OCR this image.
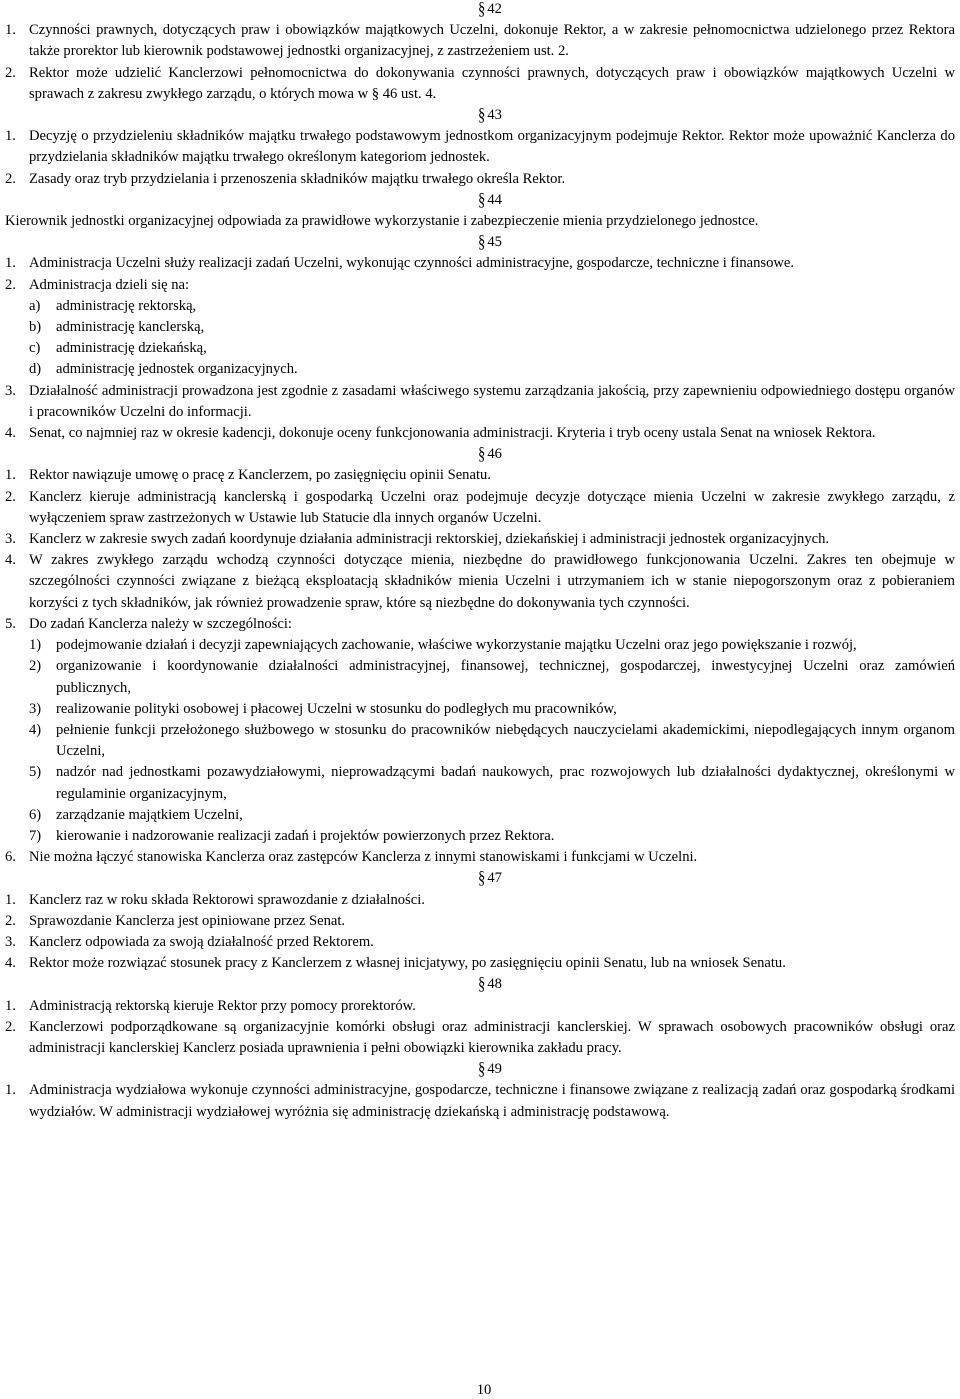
§ 42
1. Czynności prawnych, dotyczących praw i obowiązków majątkowych Uczelni, dokonuje Rektor, a w zakresie pełnomocnictwa udzielonego przez Rektora także prorektor lub kierownik podstawowej jednostki organizacyjnej, z zastrzeżeniem ust. 2.
2. Rektor może udzielić Kanclerzowi pełnomocnictwa do dokonywania czynności prawnych, dotyczących praw i obowiązków majątkowych Uczelni w sprawach z zakresu zwykłego zarządu, o których mowa w § 46 ust. 4.
§ 43
1. Decyzję o przydzieleniu składników majątku trwałego podstawowym jednostkom organizacyjnym podejmuje Rektor. Rektor może upoważnić Kanclerza do przydzielania składników majątku trwałego określonym kategoriom jednostek.
2. Zasady oraz tryb przydzielania i przenoszenia składników majątku trwałego określa Rektor.
§ 44
Kierownik jednostki organizacyjnej odpowiada za prawidłowe wykorzystanie i zabezpieczenie mienia przydzielonego jednostce.
§ 45
1. Administracja Uczelni służy realizacji zadań Uczelni, wykonując czynności administracyjne, gospodarcze, techniczne i finansowe.
2. Administracja dzieli się na:
a)	administrację rektorską,
b)	administrację kanclerską,
c)	administrację dziekańską,
d)	administrację jednostek organizacyjnych.
3. Działalność administracji prowadzona jest zgodnie z zasadami właściwego systemu zarządzania jakością, przy zapewnieniu odpowiedniego dostępu organów i pracowników Uczelni do informacji.
4. Senat, co najmniej raz w okresie kadencji, dokonuje oceny funkcjonowania administracji. Kryteria i tryb oceny ustala Senat na wniosek Rektora.
§ 46
1. Rektor nawiązuje umowę o pracę z Kanclerzem, po zasięgnięciu opinii Senatu.
2. Kanclerz kieruje administracją kanclerską i gospodarką Uczelni oraz podejmuje decyzje dotyczące mienia Uczelni w zakresie zwykłego zarządu, z wyłączeniem spraw zastrzeżonych w Ustawie lub Statucie dla innych organów Uczelni.
3. Kanclerz w zakresie swych zadań koordynuje działania administracji rektorskiej, dziekańskiej i administracji jednostek organizacyjnych.
4. W zakres zwykłego zarządu wchodzą czynności dotyczące mienia, niezbędne do prawidłowego funkcjonowania Uczelni. Zakres ten obejmuje w szczególności czynności związane z bieżącą eksploatacją składników mienia Uczelni i utrzymaniem ich w stanie niepogorszonym oraz z pobieraniem korzyści z tych składników, jak również prowadzenie spraw, które są niezbędne do dokonywania tych czynności.
5. Do zadań Kanclerza należy w szczególności:
1)	podejmowanie działań i decyzji zapewniających zachowanie, właściwe wykorzystanie majątku Uczelni oraz jego powiększanie i rozwój,
2)	organizowanie i koordynowanie działalności administracyjnej, finansowej, technicznej, gospodarczej, inwestycyjnej Uczelni oraz zamówień publicznych,
3)	realizowanie polityki osobowej i płacowej Uczelni w stosunku do podległych mu pracowników,
4)	pełnienie funkcji przełożonego służbowego w stosunku do pracowników niebędących nauczycielami akademickimi, niepodlegających innym organom Uczelni,
5)	nadzór nad jednostkami pozawydziałowymi, nieprowadzącymi badań naukowych, prac rozwojowych lub działalności dydaktycznej, określonymi w regulaminie organizacyjnym,
6)	zarządzanie majątkiem Uczelni,
7)	kierowanie i nadzorowanie realizacji zadań i projektów powierzonych przez Rektora.
6. Nie można łączyć stanowiska Kanclerza oraz zastępców Kanclerza z innymi stanowiskami i funkcjami w Uczelni.
§ 47
1. Kanclerz raz w roku składa Rektorowi sprawozdanie z działalności.
2. Sprawozdanie Kanclerza jest opiniowane przez Senat.
3. Kanclerz odpowiada za swoją działalność przed Rektorem.
4. Rektor może rozwiązać stosunek pracy z Kanclerzem z własnej inicjatywy, po zasięgnięciu opinii Senatu, lub na wniosek Senatu.
§ 48
1. Administracją rektorską kieruje Rektor przy pomocy prorektorów.
2. Kanclerzowi podporządkowane są organizacyjnie komórki obsługi oraz administracji kanclerskiej. W sprawach osobowych pracowników obsługi oraz administracji kanclerskiej Kanclerz posiada uprawnienia i pełni obowiązki kierownika zakładu pracy.
§ 49
1. Administracja wydziałowa wykonuje czynności administracyjne, gospodarcze, techniczne i finansowe związane z realizacją zadań oraz gospodarką środkami wydziałów. W administracji wydziałowej wyróżnia się administrację dziekańską i administrację podstawową.
10
